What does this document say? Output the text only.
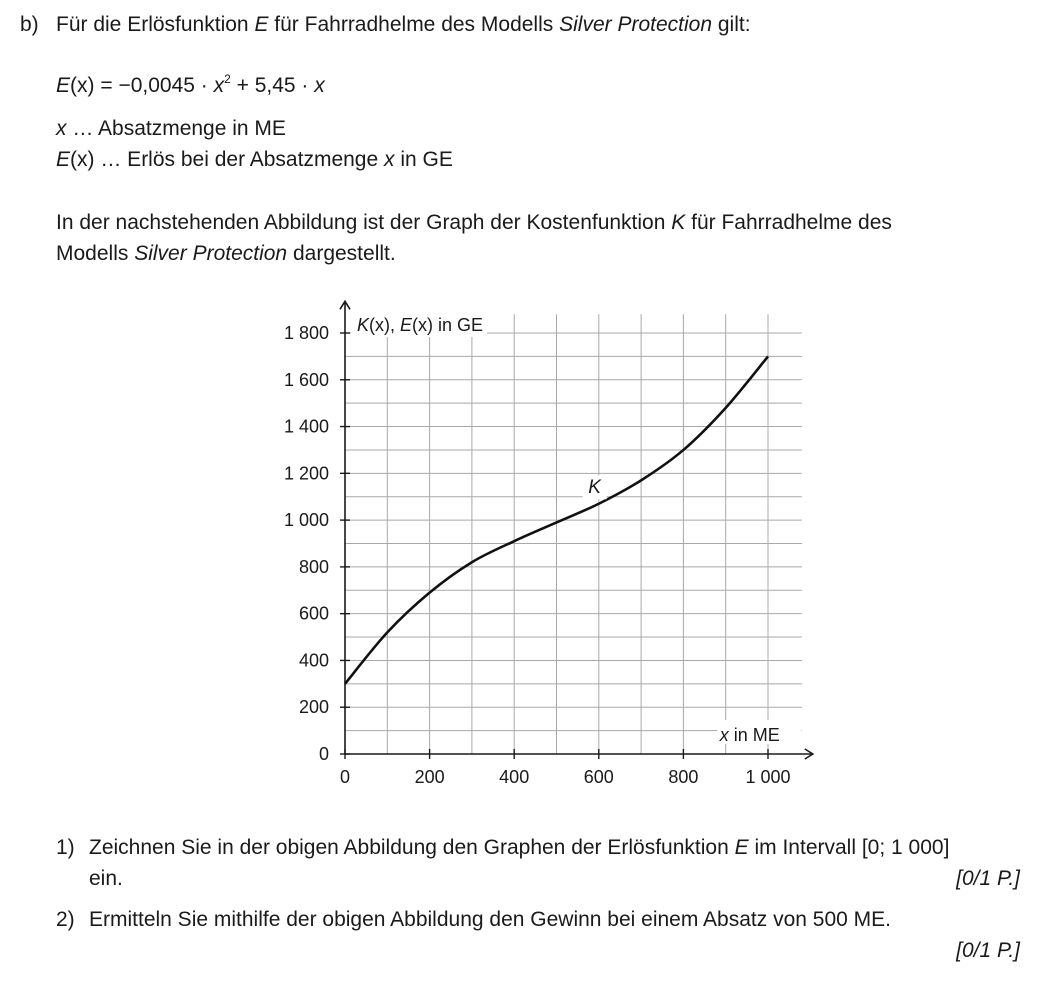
b) Für die Erlösfunktion E für Fahrradhelme des Modells Silver Protection gilt:
$E(x) = -0,0045 \cdot x^2 + 5,45 \cdot x$
x … Absatzmenge in ME
E(x) … Erlös bei der Absatzmenge x in GE
In der nachstehenden Abbildung ist der Graph der Kostenfunktion K für Fahrradhelme des
Modells Silver Protection dargestellt.
0	200	400	600	800	1 000
0
200
400
600
800
1 000
1 200
1 400
1 600
1 800
K
K(x), E(x) in GE
x in ME
1) Zeichnen Sie in der obigen Abbildung den Graphen der Erlösfunktion E im Intervall [0; 1 000]
ein.	[0/1 P.]
2) Ermitteln Sie mithilfe der obigen Abbildung den Gewinn bei einem Absatz von 500 ME.
[0/1 P.]
